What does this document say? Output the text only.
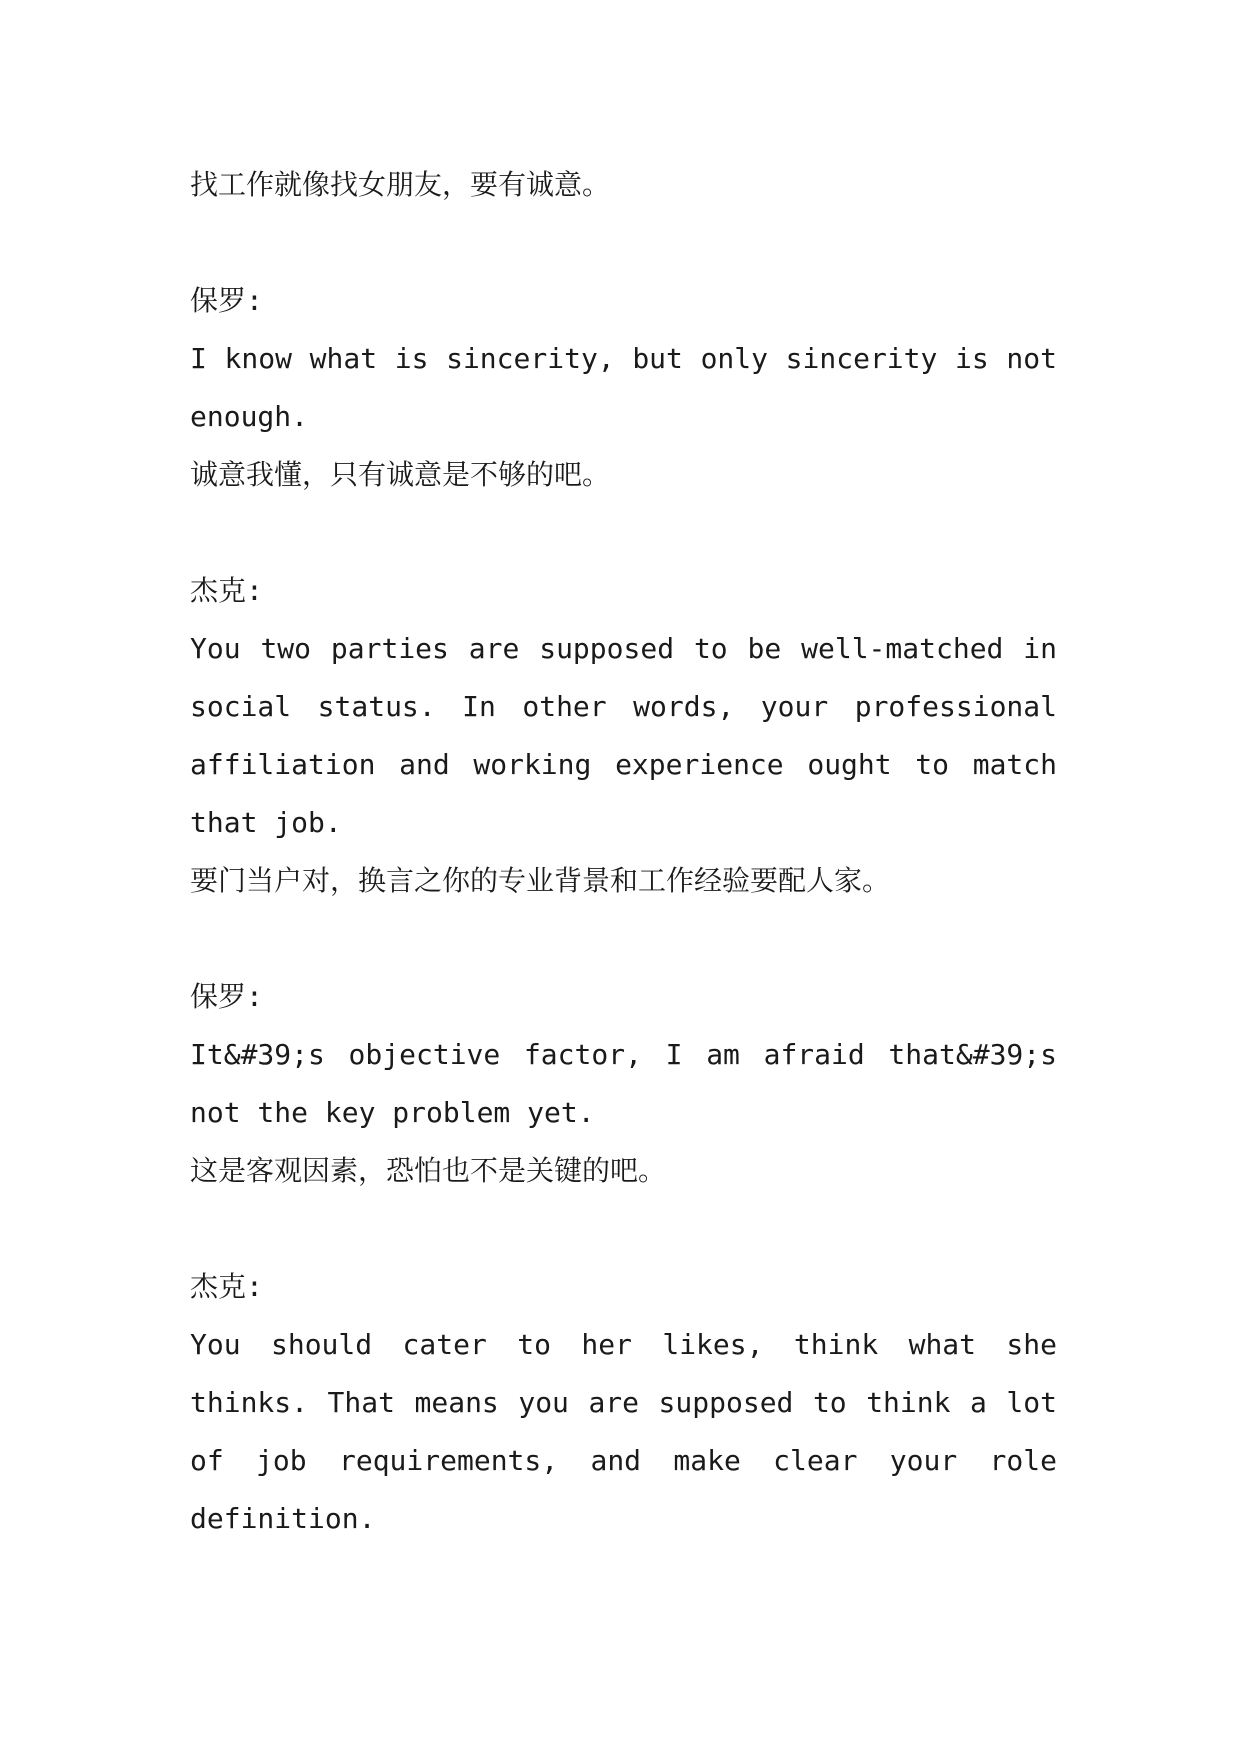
找工作就像找女朋友，要有诚意。

保罗:

I know what is sincerity, but only sincerity is not enough.

诚意我懂，只有诚意是不够的吧。

杰克:

You two parties are supposed to be well-matched in social status. In other words, your professional affiliation and working experience ought to match that job.

要门当户对，换言之你的专业背景和工作经验要配人家。

保罗:

It&#39;s objective factor, I am afraid that&#39;s not the key problem yet.

这是客观因素，恐怕也不是关键的吧。

杰克:

You should cater to her likes, think what she thinks. That means you are supposed to think a lot of job requirements, and make clear your role definition.
